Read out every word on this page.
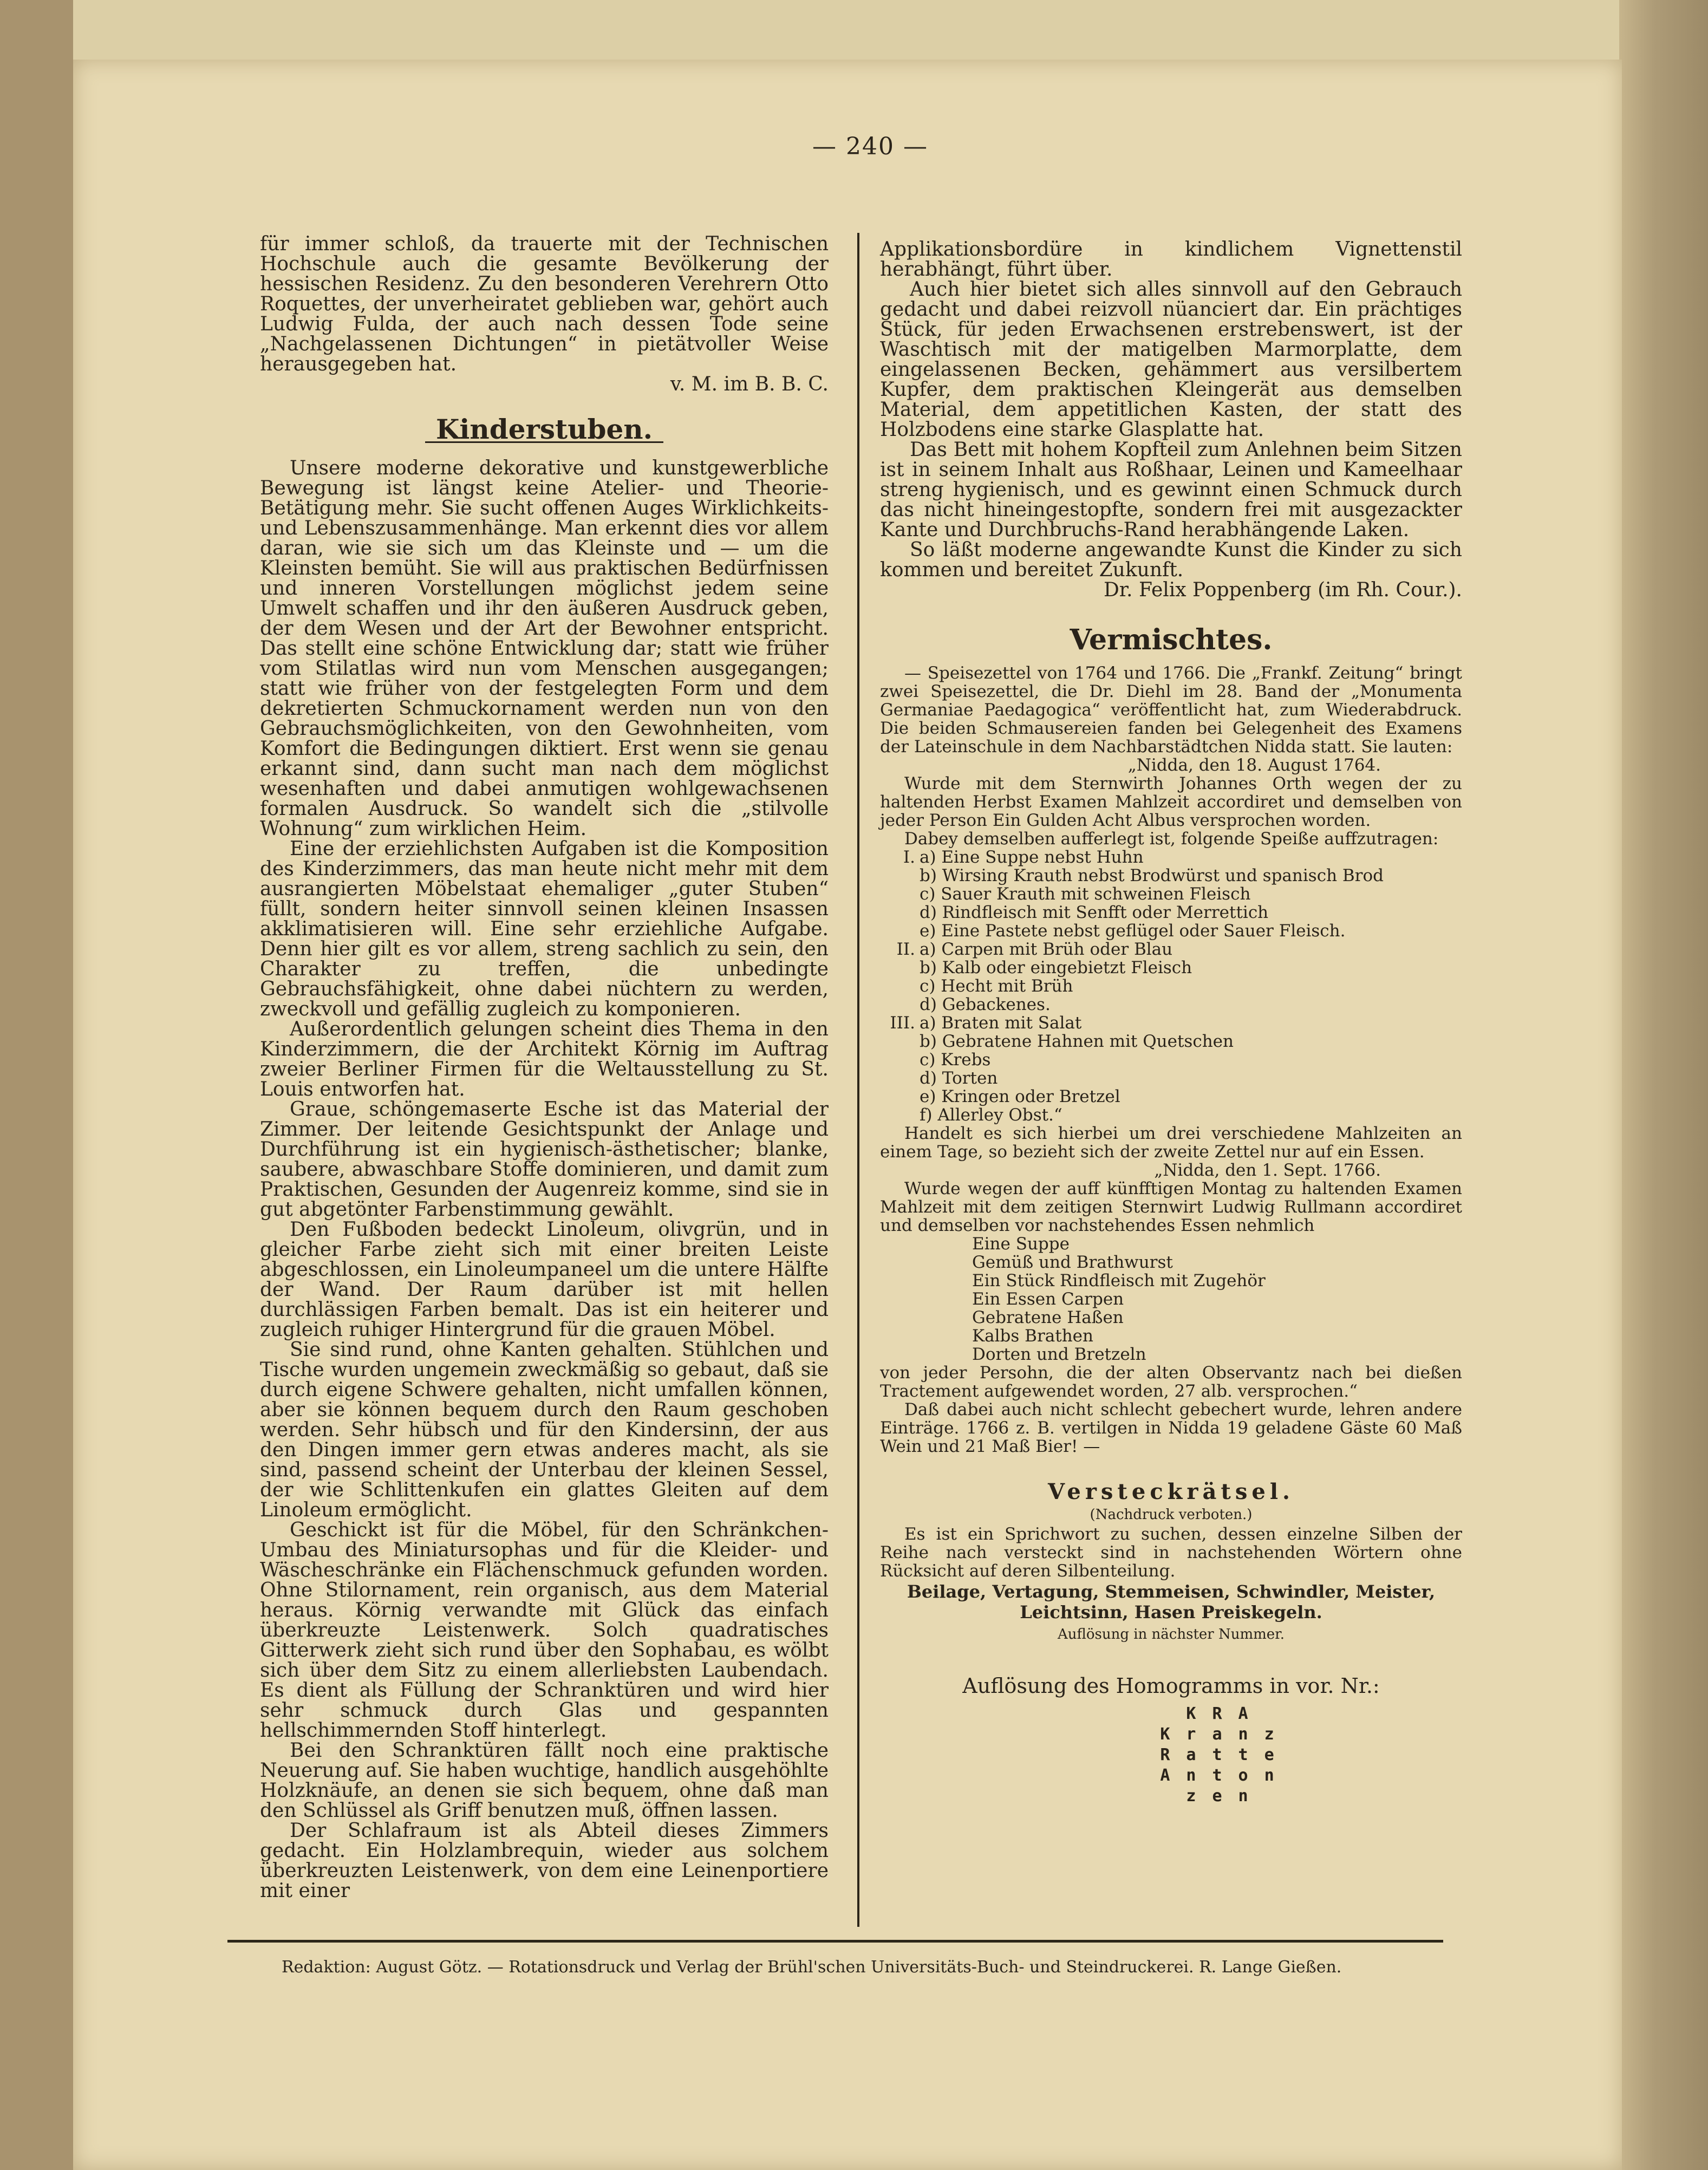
— 240 —

für immer schloß, da trauerte mit der Technischen Hochschule auch die gesamte Bevölkerung der hessischen Residenz. Zu den besonderen Verehrern Otto Roquettes, der unverheiratet geblieben war, gehört auch Ludwig Fulda, der auch nach dessen Tode seine „Nachgelassenen Dichtungen“ in pietätvoller Weise herausgegeben hat.

v. M. im B. B. C.

Kinderstuben.

Unsere moderne dekorative und kunstgewerbliche Bewegung ist längst keine Atelier- und Theorie-Betätigung mehr. Sie sucht offenen Auges Wirklichkeits- und Lebenszusammenhänge. Man erkennt dies vor allem daran, wie sie sich um das Kleinste und — um die Kleinsten bemüht. Sie will aus praktischen Bedürfnissen und inneren Vorstellungen möglichst jedem seine Umwelt schaffen und ihr den äußeren Ausdruck geben, der dem Wesen und der Art der Bewohner entspricht. Das stellt eine schöne Entwicklung dar; statt wie früher vom Stilatlas wird nun vom Menschen ausgegangen; statt wie früher von der festgelegten Form und dem dekretierten Schmuckornament werden nun von den Gebrauchsmöglichkeiten, von den Gewohnheiten, vom Komfort die Bedingungen diktiert. Erst wenn sie genau erkannt sind, dann sucht man nach dem möglichst wesenhaften und dabei anmutigen wohlgewachsenen formalen Ausdruck. So wandelt sich die „stilvolle Wohnung“ zum wirklichen Heim.

Eine der erziehlichsten Aufgaben ist die Komposition des Kinderzimmers, das man heute nicht mehr mit dem ausrangierten Möbelstaat ehemaliger „guter Stuben“ füllt, sondern heiter sinnvoll seinen kleinen Insassen akklimatisieren will. Eine sehr erziehliche Aufgabe. Denn hier gilt es vor allem, streng sachlich zu sein, den Charakter zu treffen, die unbedingte Gebrauchsfähigkeit, ohne dabei nüchtern zu werden, zweckvoll und gefällig zugleich zu komponieren.

Außerordentlich gelungen scheint dies Thema in den Kinderzimmern, die der Architekt Körnig im Auftrag zweier Berliner Firmen für die Weltausstellung zu St. Louis entworfen hat.

Graue, schöngemaserte Esche ist das Material der Zimmer. Der leitende Gesichtspunkt der Anlage und Durchführung ist ein hygienisch-ästhetischer; blanke, saubere, abwaschbare Stoffe dominieren, und damit zum Praktischen, Gesunden der Augenreiz komme, sind sie in gut abgetönter Farbenstimmung gewählt.

Den Fußboden bedeckt Linoleum, olivgrün, und in gleicher Farbe zieht sich mit einer breiten Leiste abgeschlossen, ein Linoleumpaneel um die untere Hälfte der Wand. Der Raum darüber ist mit hellen durchlässigen Farben bemalt. Das ist ein heiterer und zugleich ruhiger Hintergrund für die grauen Möbel.

Sie sind rund, ohne Kanten gehalten. Stühlchen und Tische wurden ungemein zweckmäßig so gebaut, daß sie durch eigene Schwere gehalten, nicht umfallen können, aber sie können bequem durch den Raum geschoben werden. Sehr hübsch und für den Kindersinn, der aus den Dingen immer gern etwas anderes macht, als sie sind, passend scheint der Unterbau der kleinen Sessel, der wie Schlittenkufen ein glattes Gleiten auf dem Linoleum ermöglicht.

Geschickt ist für die Möbel, für den Schränkchen-Umbau des Miniatursophas und für die Kleider- und Wäscheschränke ein Flächenschmuck gefunden worden. Ohne Stilornament, rein organisch, aus dem Material heraus. Körnig verwandte mit Glück das einfach überkreuzte Leistenwerk. Solch quadratisches Gitterwerk zieht sich rund über den Sophabau, es wölbt sich über dem Sitz zu einem allerliebsten Laubendach. Es dient als Füllung der Schranktüren und wird hier sehr schmuck durch Glas und gespannten hellschimmernden Stoff hinterlegt.

Bei den Schranktüren fällt noch eine praktische Neuerung auf. Sie haben wuchtige, handlich ausgehöhlte Holzknäufe, an denen sie sich bequem, ohne daß man den Schlüssel als Griff benutzen muß, öffnen lassen.

Der Schlafraum ist als Abteil dieses Zimmers gedacht. Ein Holzlambrequin, wieder aus solchem überkreuzten Leistenwerk, von dem eine Leinenportiere mit einer

Applikationsbordüre in kindlichem Vignettenstil herabhängt, führt über.

Auch hier bietet sich alles sinnvoll auf den Gebrauch gedacht und dabei reizvoll nüanciert dar. Ein prächtiges Stück, für jeden Erwachsenen erstrebenswert, ist der Waschtisch mit der matigelben Marmorplatte, dem eingelassenen Becken, gehämmert aus versilbertem Kupfer, dem praktischen Kleingerät aus demselben Material, dem appetitlichen Kasten, der statt des Holzbodens eine starke Glasplatte hat.

Das Bett mit hohem Kopfteil zum Anlehnen beim Sitzen ist in seinem Inhalt aus Roßhaar, Leinen und Kameelhaar streng hygienisch, und es gewinnt einen Schmuck durch das nicht hineingestopfte, sondern frei mit ausgezackter Kante und Durchbruchs-Rand herabhängende Laken.

So läßt moderne angewandte Kunst die Kinder zu sich kommen und bereitet Zukunft.

Dr. Felix Poppenberg (im Rh. Cour.).

Vermischtes.

— Speisezettel von 1764 und 1766. Die „Frankf. Zeitung“ bringt zwei Speisezettel, die Dr. Diehl im 28. Band der „Monumenta Germaniae Paedagogica“ veröffentlicht hat, zum Wiederabdruck. Die beiden Schmausereien fanden bei Gelegenheit des Examens der Lateinschule in dem Nachbarstädtchen Nidda statt. Sie lauten:

„Nidda, den 18. August 1764.

Wurde mit dem Sternwirth Johannes Orth wegen der zu haltenden Herbst Examen Mahlzeit accordiret und demselben von jeder Person Ein Gulden Acht Albus versprochen worden.

Dabey demselben aufferlegt ist, folgende Speiße auffzutragen:

I. a) Eine Suppe nebst Huhn
b) Wirsing Krauth nebst Brodwürst und spanisch Brod
c) Sauer Krauth mit schweinen Fleisch
d) Rindfleisch mit Senfft oder Merrettich
e) Eine Pastete nebst geflügel oder Sauer Fleisch.
II. a) Carpen mit Brüh oder Blau
b) Kalb oder eingebietzt Fleisch
c) Hecht mit Brüh
d) Gebackenes.
III. a) Braten mit Salat
b) Gebratene Hahnen mit Quetschen
c) Krebs
d) Torten
e) Kringen oder Bretzel
f) Allerley Obst.“

Handelt es sich hierbei um drei verschiedene Mahlzeiten an einem Tage, so bezieht sich der zweite Zettel nur auf ein Essen.

„Nidda, den 1. Sept. 1766.

Wurde wegen der auff künfftigen Montag zu haltenden Examen Mahlzeit mit dem zeitigen Sternwirt Ludwig Rullmann accordiret und demselben vor nachstehendes Essen nehmlich

Eine Suppe
Gemüß und Brathwurst
Ein Stück Rindfleisch mit Zugehör
Ein Essen Carpen
Gebratene Haßen
Kalbs Brathen
Dorten und Bretzeln

von jeder Persohn, die der alten Observantz nach bei dießen Tractement aufgewendet worden, 27 alb. versprochen.“

Daß dabei auch nicht schlecht gebechert wurde, lehren andere Einträge. 1766 z. B. vertilgen in Nidda 19 geladene Gäste 60 Maß Wein und 21 Maß Bier! —

Versteckrätsel.
(Nachdruck verboten.)

Es ist ein Sprichwort zu suchen, dessen einzelne Silben der Reihe nach versteckt sind in nachstehenden Wörtern ohne Rücksicht auf deren Silbenteilung.

Beilage, Vertagung, Stemmeisen, Schwindler, Meister, Leichtsinn, Hasen Preiskegeln.
Auflösung in nächster Nummer.
Auflösung des Homogramms in vor. Nr.:
KRA
Kranz
Ratte
Anton
zen
Redaktion: August Götz. — Rotationsdruck und Verlag der Brühl'schen Universitäts-Buch- und Steindruckerei. R. Lange Gießen.
